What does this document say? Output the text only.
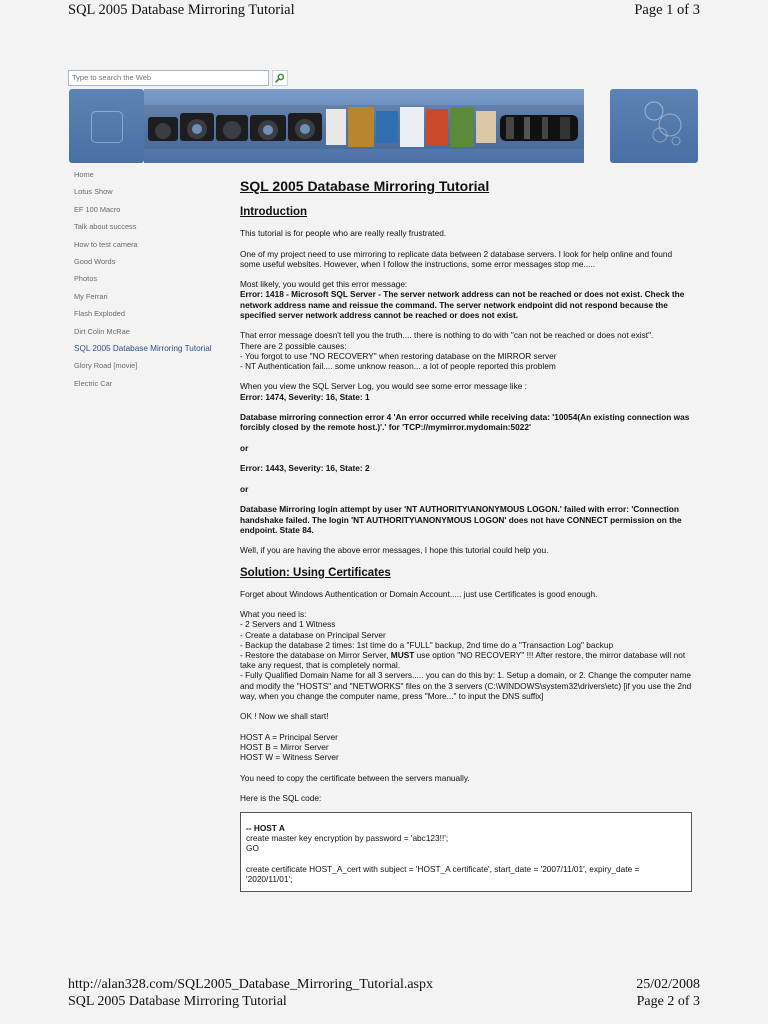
SQL 2005 Database Mirroring Tutorial	Page 1 of 3
Type to search the Web
Home
Lotus Show
EF 100 Macro
Talk about success
How to test camera
Good Words
Photos
My Ferrari
Flash Exploded
Dirt Colin McRae
SQL 2005 Database Mirroring Tutorial
Glory Road [movie]
Electric Car
SQL 2005 Database Mirroring Tutorial
Introduction

This tutorial is for people who are really really frustrated.

One of my project need to use mirroring to replicate data between 2 database servers. I look for help online and found some useful websites. However, when I follow the instructions, some error messages stop me.....

Most likely, you would get this error message:
Error: 1418 - Microsoft SQL Server - The server network address can not be reached or does not exist. Check the network address name and reissue the command. The server network endpoint did not respond because the specified server network address cannot be reached or does not exist.

That error message doesn't tell you the truth.... there is nothing to do with "can not be reached or does not exist".
There are 2 possible causes:
- You forgot to use "NO RECOVERY" when restoring database on the MIRROR server
- NT Authentication fail.... some unknow reason... a lot of people reported this problem

When you view the SQL Server Log, you would see some error message like :
Error: 1474, Severity: 16, State: 1

Database mirroring connection error 4 'An error occurred while receiving data: '10054(An existing connection was forcibly closed by the remote host.)'.' for 'TCP://mymirror.mydomain:5022'

or

Error: 1443, Severity: 16, State: 2

or

Database Mirroring login attempt by user 'NT AUTHORITY\ANONYMOUS LOGON.' failed with error: 'Connection handshake failed. The login 'NT AUTHORITY\ANONYMOUS LOGON' does not have CONNECT permission on the endpoint. State 84.

Well, if you are having the above error messages, I hope this tutorial could help you.

Solution: Using Certificates

Forget about Windows Authentication or Domain Account..... just use Certificates is good enough.

What you need is:
- 2 Servers and 1 Witness
- Create a database on Principal Server
- Backup the database 2 times: 1st time do a "FULL" backup, 2nd time do a "Transaction Log" backup
- Restore the database on Mirror Server, MUST use option "NO RECOVERY" !!! After restore, the mirror database will not take any request, that is completely normal.
- Fully Qualified Domain Name for all 3 servers..... you can do this by: 1. Setup a domain, or 2. Change the computer name and modify the "HOSTS" and "NETWORKS" files on the 3 servers (C:\WINDOWS\system32\drivers\etc) [if you use the 2nd way, when you change the computer name, press "More..." to input the DNS suffix]

OK ! Now we shall start!

HOST A = Principal Server
HOST B = Mirror Server
HOST W = Witness Server

You need to copy the certificate between the servers manually.

Here is the SQL code:

-- HOST A
create master key encryption by password = 'abc123!!';
GO

create certificate HOST_A_cert with subject = 'HOST_A certificate', start_date = '2007/11/01', expiry_date = '2020/11/01';

http://alan328.com/SQL2005_Database_Mirroring_Tutorial.aspx	25/02/2008
SQL 2005 Database Mirroring Tutorial	Page 2 of 3
